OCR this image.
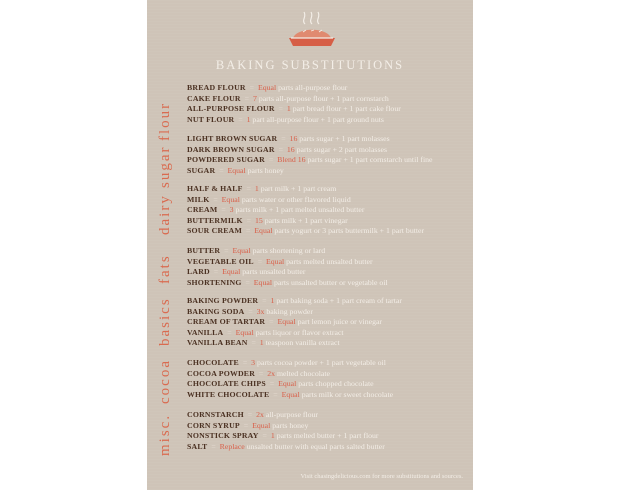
BAKING SUBSTITUTIONS
flour
BREAD FLOUR  =  Equal parts all-purpose flour
CAKE FLOUR  =  7 parts all-purpose flour + 1 part cornstarch
ALL-PURPOSE FLOUR  =  1 part bread flour + 1 part cake flour
NUT FLOUR  =  1 part all-purpose flour + 1 part ground nuts
sugar
LIGHT BROWN SUGAR  =  16 parts sugar + 1 part molasses
DARK BROWN SUGAR  =  16 parts sugar + 2 part molasses
POWDERED SUGAR  =  Blend 16 parts sugar + 1 part cornstarch until fine
SUGAR  =  Equal parts honey
dairy
HALF & HALF  =  1 part milk + 1 part cream
MILK  =  Equal parts water or other flavored liquid
CREAM  =  3 parts milk + 1 part melted unsalted butter
BUTTERMILK  =  15 parts milk + 1 part vinegar
SOUR CREAM  =  Equal parts yogurt or 3 parts buttermilk + 1 part butter
fats
BUTTER  =  Equal parts shortening or lard
VEGETABLE OIL  =  Equal parts melted unsalted butter
LARD  =  Equal parts unsalted butter
SHORTENING  =  Equal parts unsalted butter or vegetable oil
basics BAKING POWDER  =  1 part baking soda + 1 part cream of tartar
BAKING SODA  =  3x baking powder
CREAM OF TARTAR  =  Equal part lemon juice or vinegar
VANILLA  =  Equal parts liquor or flavor extract
VANILLA BEAN  =  1 teaspoon vanilla extract
cocoa CHOCOLATE  =  3 parts cocoa powder + 1 part vegetable oil
COCOA POWDER  =  2x melted chocolate
CHOCOLATE CHIPS  =  Equal parts chopped chocolate
WHITE CHOCOLATE  =  Equal parts milk or sweet chocolate
misc. CORNSTARCH  =  2x all-purpose flour
CORN SYRUP  =  Equal parts honey
NONSTICK SPRAY  =  1 parts melted butter + 1 part flour
SALT  =  Replace unsalted butter with equal parts salted butter
Visit chasingdelicious.com for more substitutions and sources.
